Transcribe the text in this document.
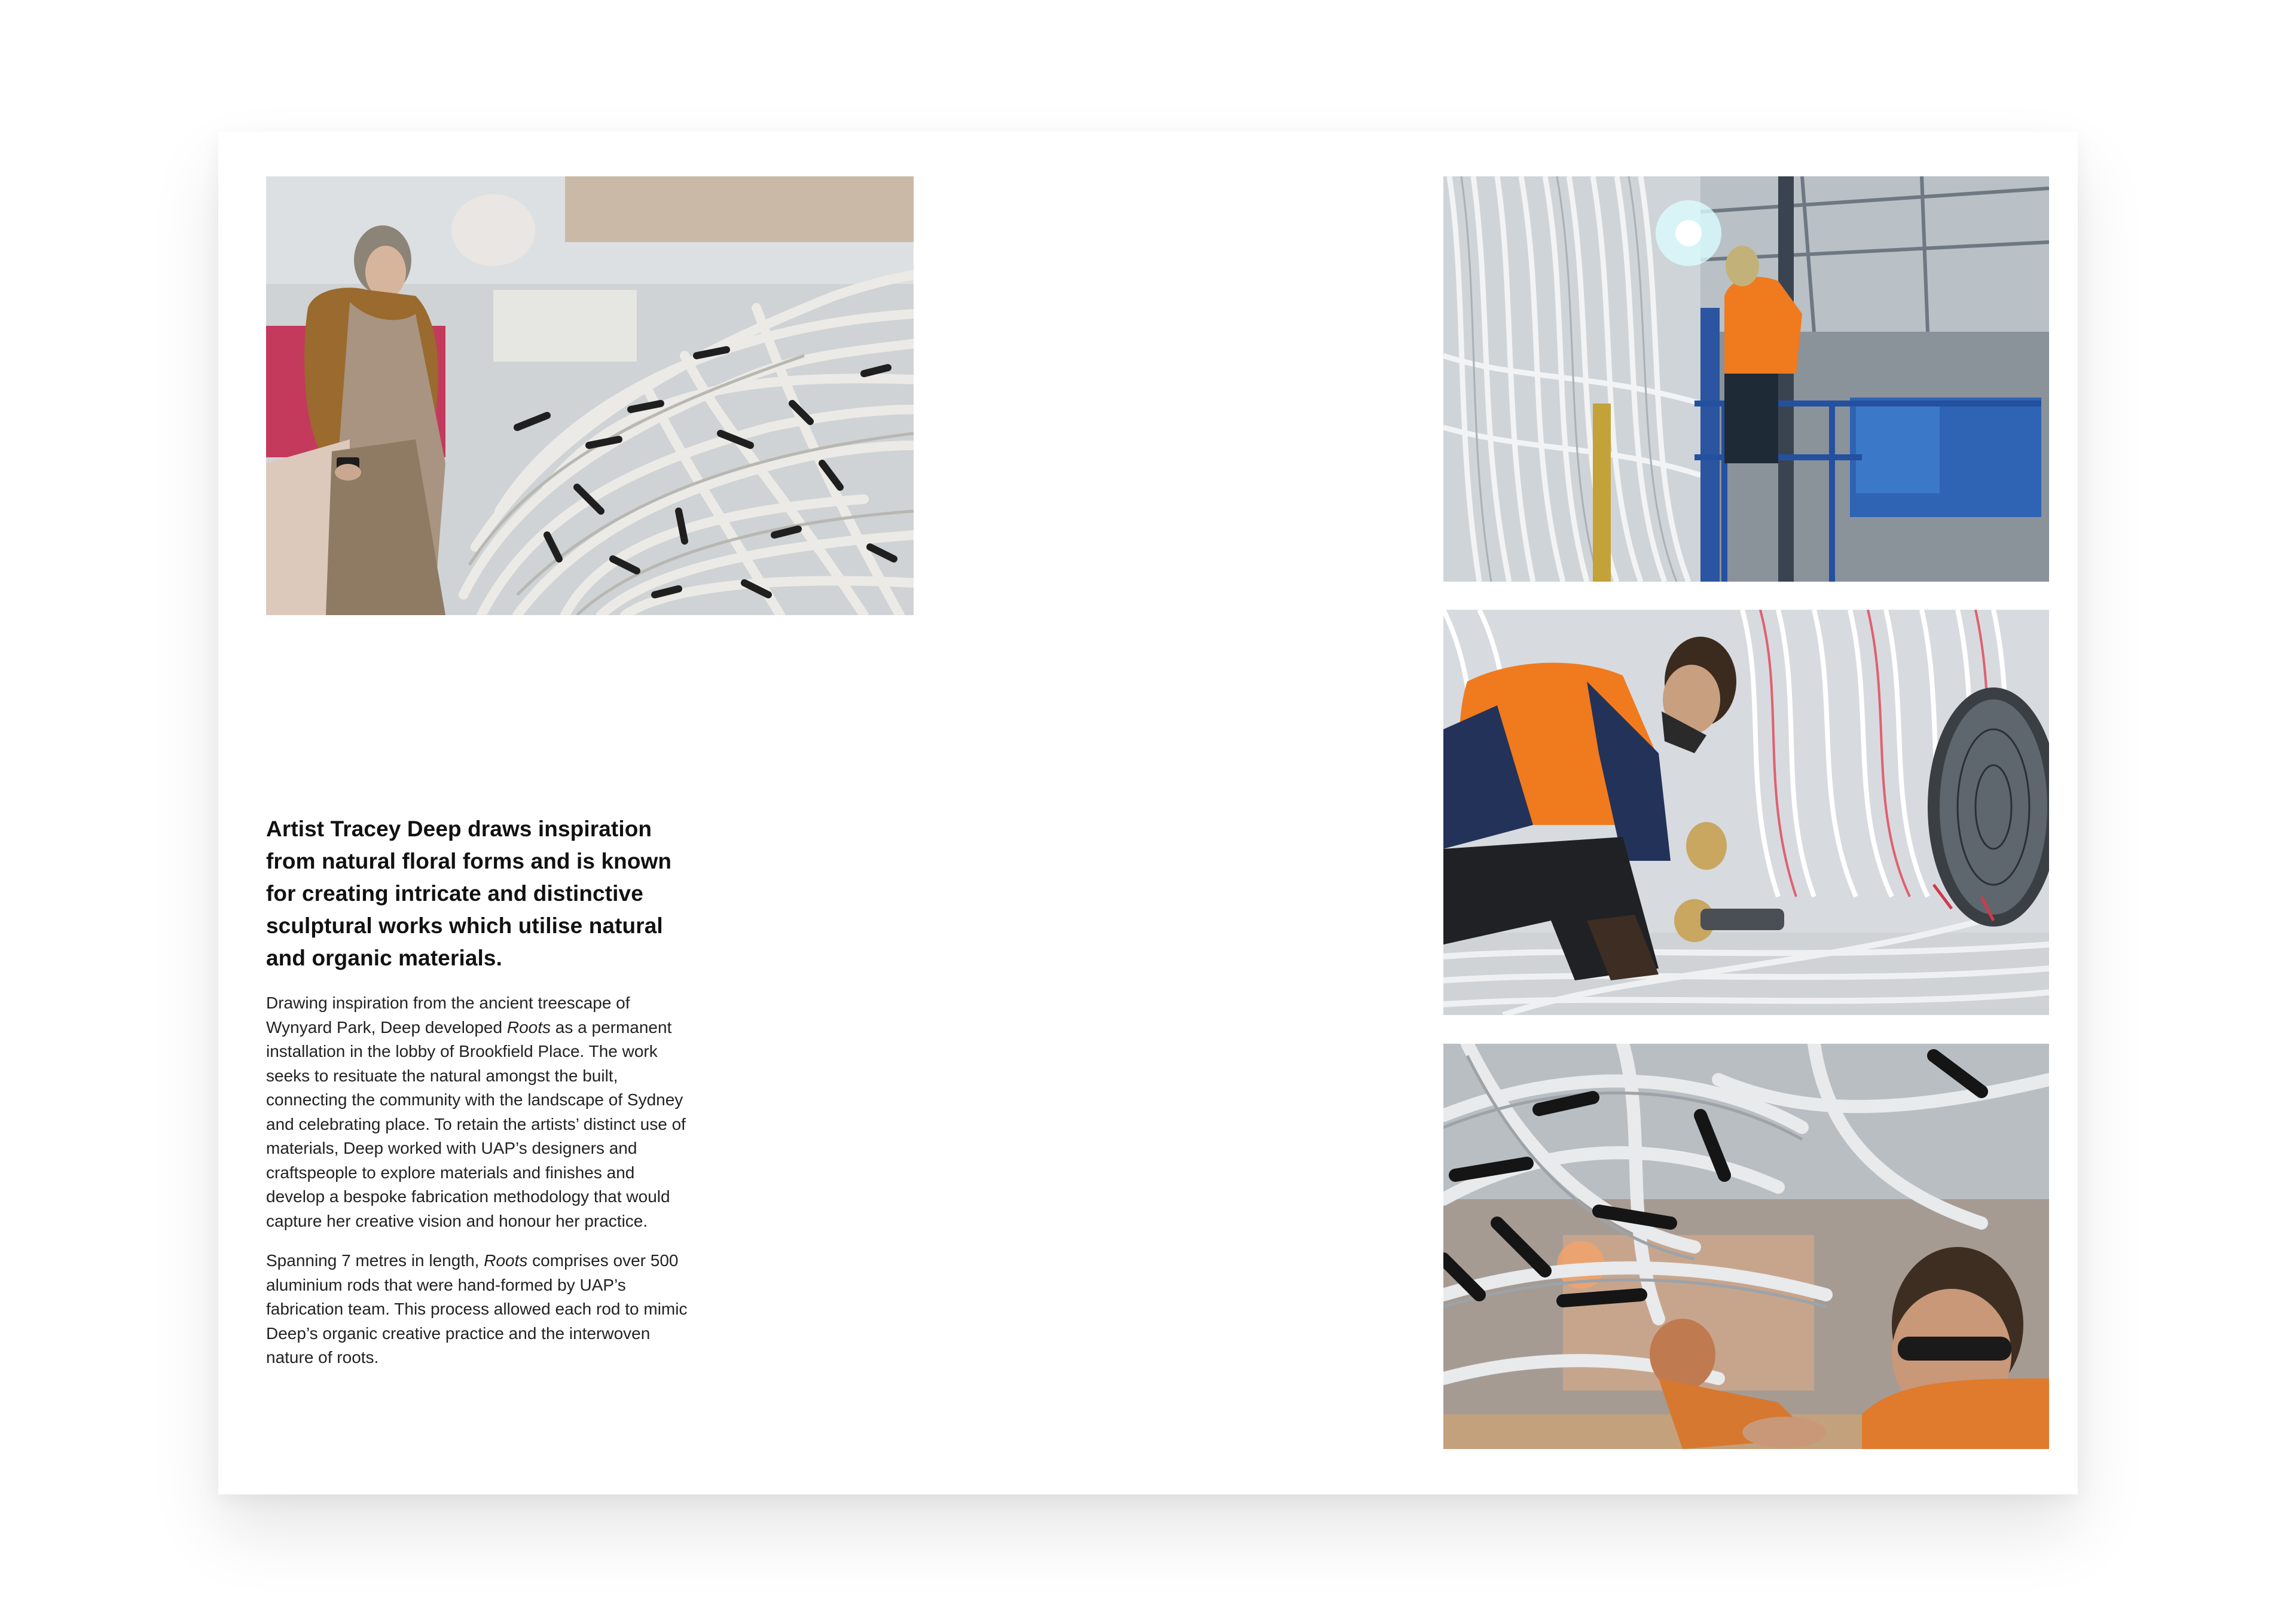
Artist Tracey Deep draws inspiration from natural floral forms and is known for creating intricate and distinctive sculptural works which utilise natural and organic materials.

Drawing inspiration from the ancient treescape of Wynyard Park, Deep developed Roots as a permanent installation in the lobby of Brookfield Place. The work seeks to resituate the natural amongst the built, connecting the community with the landscape of Sydney and celebrating place. To retain the artists’ distinct use of materials, Deep worked with UAP’s designers and craftspeople to explore materials and finishes and develop a bespoke fabrication methodology that would capture her creative vision and honour her practice.

Spanning 7 metres in length, Roots comprises over 500 aluminium rods that were hand-formed by UAP’s fabrication team. This process allowed each rod to mimic Deep’s organic creative practice and the interwoven nature of roots.
